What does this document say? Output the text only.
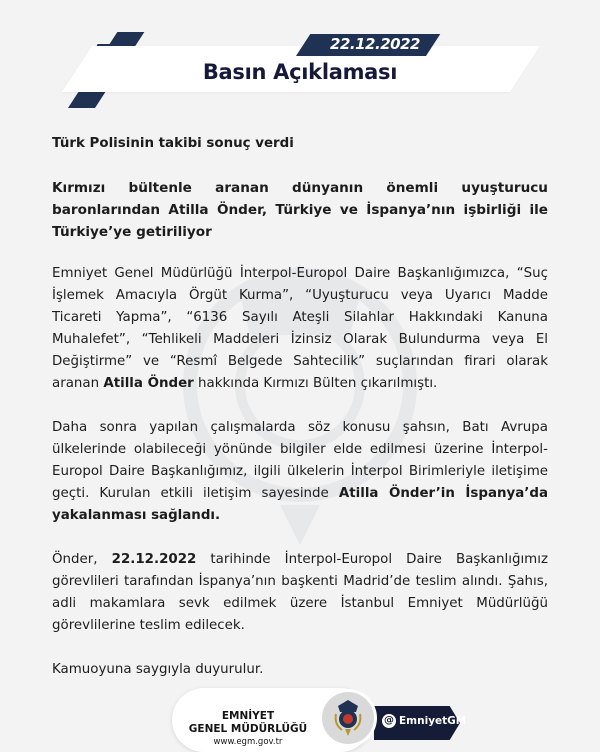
22.12.2022
Basın Açıklaması

Türk Polisinin takibi sonuç verdi

Kırmızı bültenle aranan dünyanın önemli uyuşturucu baronlarından Atilla Önder, Türkiye ve İspanya’nın işbirliği ile Türkiye’ye getiriliyor

Emniyet Genel Müdürlüğü İnterpol-Europol Daire Başkanlığımızca, “Suç İşlemek Amacıyla Örgüt Kurma”, “Uyuşturucu veya Uyarıcı Madde Ticareti Yapma”, “6136 Sayılı Ateşli Silahlar Hakkındaki Kanuna Muhalefet”, “Tehlikeli Maddeleri İzinsiz Olarak Bulundurma veya El Değiştirme” ve “Resmî Belgede Sahtecilik” suçlarından firari olarak aranan Atilla Önder hakkında Kırmızı Bülten çıkarılmıştı.

Daha sonra yapılan çalışmalarda söz konusu şahsın, Batı Avrupa ülkelerinde olabileceği yönünde bilgiler elde edilmesi üzerine İnterpol-Europol Daire Başkanlığımız, ilgili ülkelerin İnterpol Birimleriyle iletişime geçti. Kurulan etkili iletişim sayesinde Atilla Önder’in İspanya’da yakalanması sağlandı.

Önder, 22.12.2022 tarihinde İnterpol-Europol Daire Başkanlığımız görevlileri tarafından İspanya’nın başkenti Madrid’de teslim alındı. Şahıs, adli makamlara sevk edilmek üzere İstanbul Emniyet Müdürlüğü görevlilerine teslim edilecek.

Kamuoyuna saygıyla duyurulur.

EMNİYET
GENEL MÜDÜRLÜĞÜ
www.egm.gov.tr
@ EmniyetGM
